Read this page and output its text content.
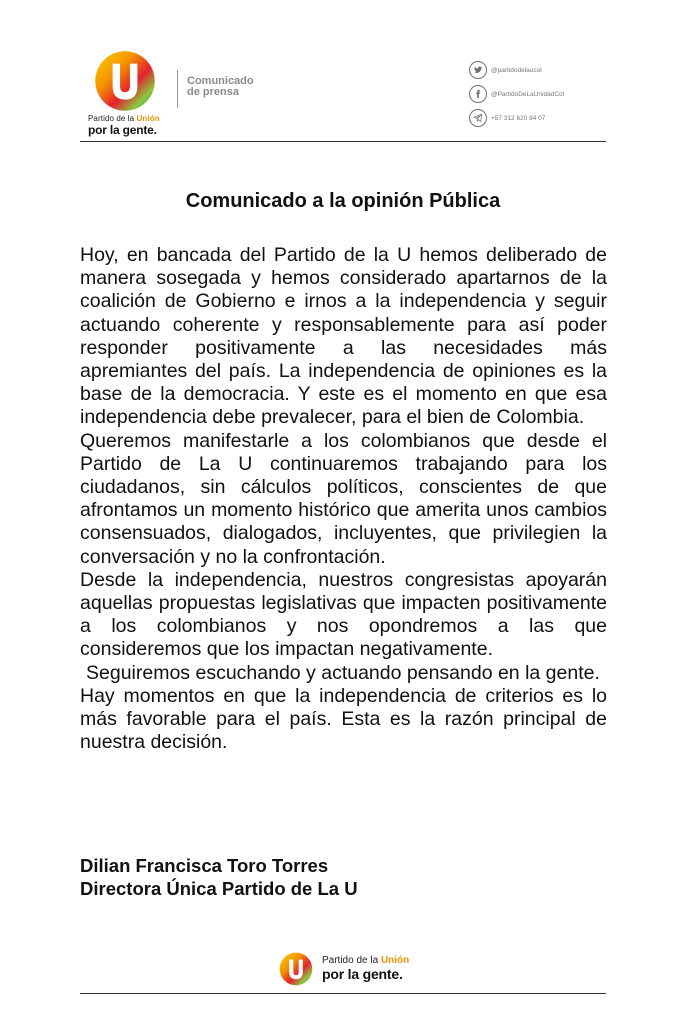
Partido de la Unión
por la gente.
Comunicado
de prensa
@partidodelaucol
@PartidoDeLaUnidadCol
+57 312 620 84 07
Comunicado a la opinión Pública

Hoy, en bancada del Partido de la U hemos deliberado de manera sosegada y hemos considerado apartarnos de la coalición de Gobierno e irnos a la independencia y seguir actuando coherente y responsablemente para así poder responder positivamente a las necesidades más apremiantes del país. La independencia de opiniones es la base de la democracia. Y este es el momento en que esa independencia debe prevalecer, para el bien de Colombia.

Queremos manifestarle a los colombianos que desde el Partido de La U continuaremos trabajando para los ciudadanos, sin cálculos políticos, conscientes de que afrontamos un momento histórico que amerita unos cambios consensuados, dialogados, incluyentes, que privilegien la conversación y no la confrontación.

Desde la independencia, nuestros congresistas apoyarán aquellas propuestas legislativas que impacten positivamente a los colombianos y nos opondremos a las que consideremos que los impactan negativamente.

Seguiremos escuchando y actuando pensando en la gente.

Hay momentos en que la independencia de criterios es lo más favorable para el país. Esta es la razón principal de nuestra decisión.

Dilian Francisca Toro Torres
Directora Única Partido de La U
Partido de la Unión
por la gente.
